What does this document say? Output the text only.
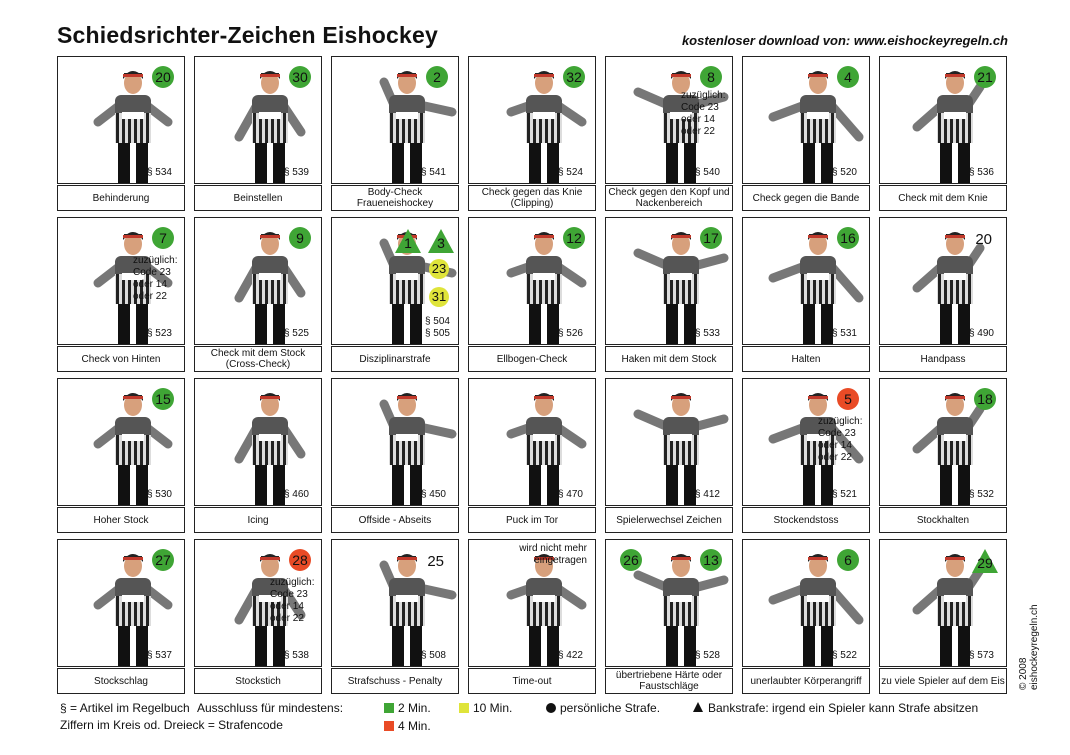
Schiedsrichter-Zeichen Eishockey	kostenloser download von: www.eishockeyregeln.ch
20
§ 534
Behinderung
30
§ 539
Beinstellen
2
§ 541
Body-Check Fraueneishockey
32
§ 524
Check gegen das Knie (Clipping)
8
zuzüglich: Code 23 oder 14 oder 22
§ 540
Check gegen den Kopf und Nackenbereich
4
§ 520
Check gegen die Bande
21
§ 536
Check mit dem Knie
7
zuzüglich: Code 23 oder 14 oder 22
§ 523
Check von Hinten
9
§ 525
Check mit dem Stock (Cross-Check)
1 3
23
31
§ 504
§ 505
Disziplinarstrafe
12
§ 526
Ellbogen-Check
17
§ 533
Haken mit dem Stock
16
§ 531
Halten
20
§ 490
Handpass
15
§ 530
Hoher Stock
§ 460
Icing
§ 450
Offside - Abseits
§ 470
Puck im Tor
§ 412
Spielerwechsel Zeichen
5
zuzüglich: Code 23 oder 14 oder 22
§ 521
Stockendstoss
18
§ 532
Stockhalten
27
§ 537
Stockschlag
28
zuzüglich: Code 23 oder 14 oder 22
§ 538
Stockstich
25
§ 508
Strafschuss - Penalty
wird nicht mehr eingetragen
§ 422
Time-out
26	13
§ 528
übertriebene Härte oder Faustschläge
6
§ 522
unerlaubter Körperangriff
29
§ 573
zu viele Spieler auf dem Eis
§ = Artikel im Regelbuch Ausschluss für mindestens:	2 Min.	10 Min.	persönliche Strafe.	Bankstrafe: irgend ein Spieler kann Strafe absitzen
Ziffern im Kreis od. Dreieck = Strafencode	4 Min.
© 2008 eishockeyregeln.ch
